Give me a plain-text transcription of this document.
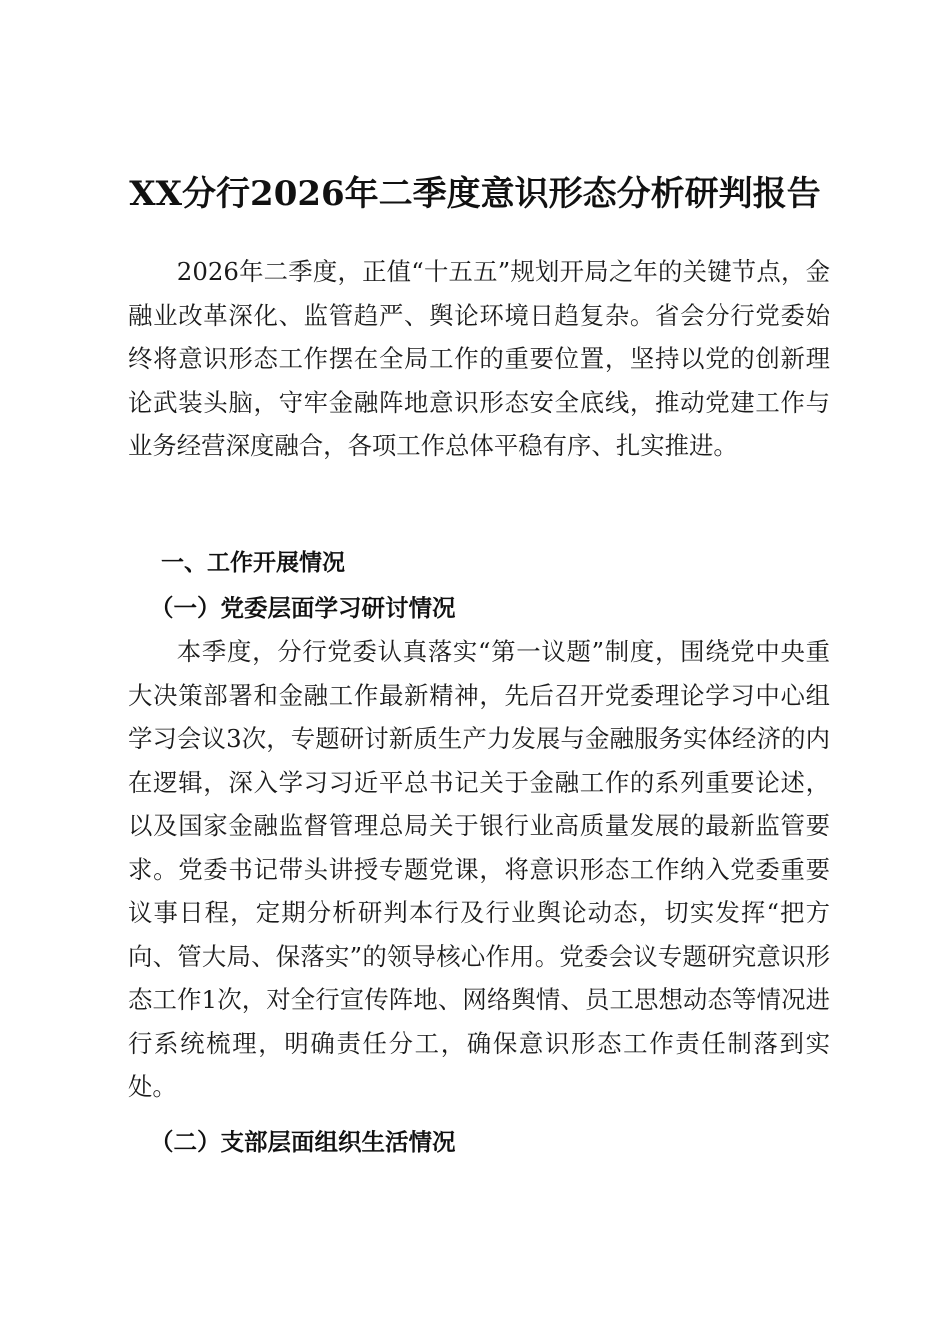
XX分行2026年二季度意识形态分析研判报告

2026年二季度，正值“十五五”规划开局之年的关键节点，金融业改革深化、监管趋严、舆论环境日趋复杂。省会分行党委始终将意识形态工作摆在全局工作的重要位置，坚持以党的创新理论武装头脑，守牢金融阵地意识形态安全底线，推动党建工作与业务经营深度融合，各项工作总体平稳有序、扎实推进。

一、工作开展情况
（一）党委层面学习研讨情况

本季度，分行党委认真落实“第一议题”制度，围绕党中央重大决策部署和金融工作最新精神，先后召开党委理论学习中心组学习会议3次，专题研讨新质生产力发展与金融服务实体经济的内在逻辑，深入学习习近平总书记关于金融工作的系列重要论述，以及国家金融监督管理总局关于银行业高质量发展的最新监管要求。党委书记带头讲授专题党课，将意识形态工作纳入党委重要议事日程，定期分析研判本行及行业舆论动态，切实发挥“把方向、管大局、保落实”的领导核心作用。党委会议专题研究意识形态工作1次，对全行宣传阵地、网络舆情、员工思想动态等情况进行系统梳理，明确责任分工，确保意识形态工作责任制落到实处。

（二）支部层面组织生活情况
